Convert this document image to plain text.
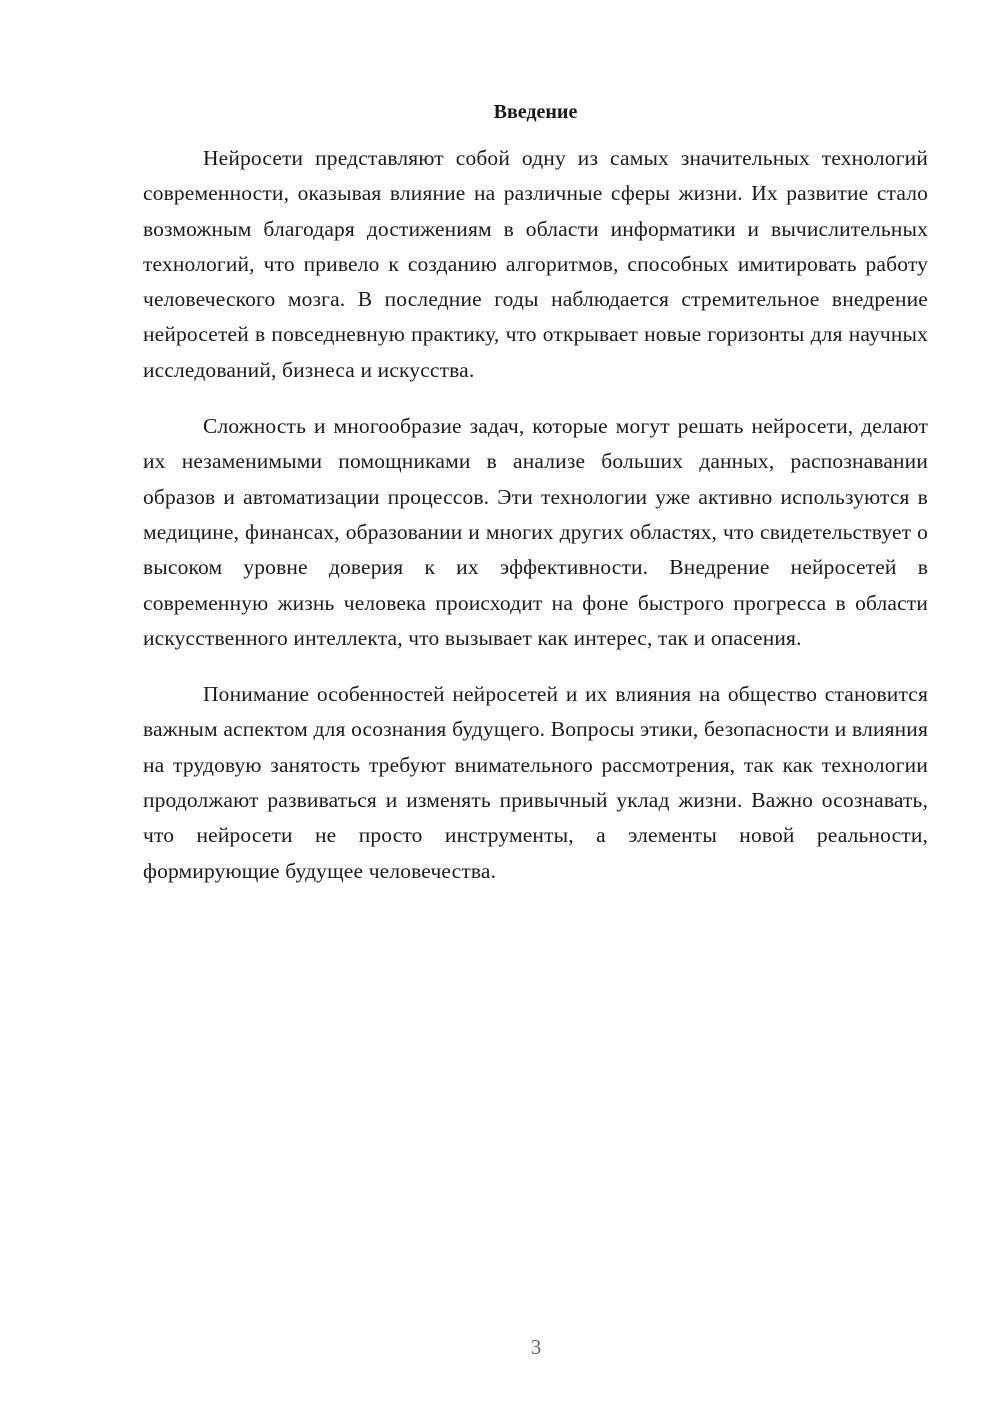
Введение

Нейросети представляют собой одну из самых значительных технологий современности, оказывая влияние на различные сферы жизни. Их развитие стало возможным благодаря достижениям в области информатики и вычислительных технологий, что привело к созданию алгоритмов, способных имитировать работу человеческого мозга. В последние годы наблюдается стремительное внедрение нейросетей в повседневную практику, что открывает новые горизонты для научных исследований, бизнеса и искусства.

Сложность и многообразие задач, которые могут решать нейросети, делают их незаменимыми помощниками в анализе больших данных, распознавании образов и автоматизации процессов. Эти технологии уже активно используются в медицине, финансах, образовании и многих других областях, что свидетельствует о высоком уровне доверия к их эффективности. Внедрение нейросетей в современную жизнь человека происходит на фоне быстрого прогресса в области искусственного интеллекта, что вызывает как интерес, так и опасения.

Понимание особенностей нейросетей и их влияния на общество становится важным аспектом для осознания будущего. Вопросы этики, безопасности и влияния на трудовую занятость требуют внимательного рассмотрения, так как технологии продолжают развиваться и изменять привычный уклад жизни. Важно осознавать, что нейросети не просто инструменты, а элементы новой реальности, формирующие будущее человечества.

3
